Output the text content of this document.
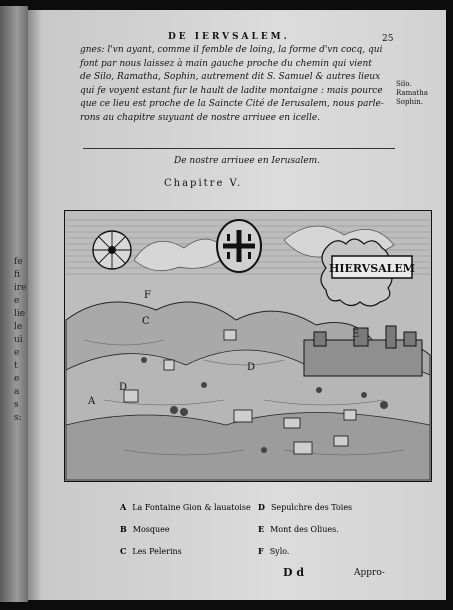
fe
fi
ire
e
lie
le
ui
e
t
e
a
s
s:
DE IERVSALEM.	25
gnes: l'vn ayant, comme il femble de loing, la forme d'vn cocq, qui
font par nous laissez à main gauche proche du chemin qui vient
de Silo, Ramatha, Sophin, autrement dit S. Samuel & autres lieux
qui fe voyent estant fur le hault de ladite montaigne : mais pource
que ce lieu est proche de la Saincte Cité de Ierusalem, nous parle-
rons au chapitre suyuant de nostre arriuee en icelle.
Silo.
Ramatha
Sophin.
De nostre arriuee en Ierusalem.
Chapitre V.
HIERVSALEM
F
C
D
E
D
A
A La Fontaine Gion & lauatoise D Sepulchre des Toies
B Mosquee	E Mont des Oliues.
C Les Pelerins	F Sylo.
D d	Appro-
